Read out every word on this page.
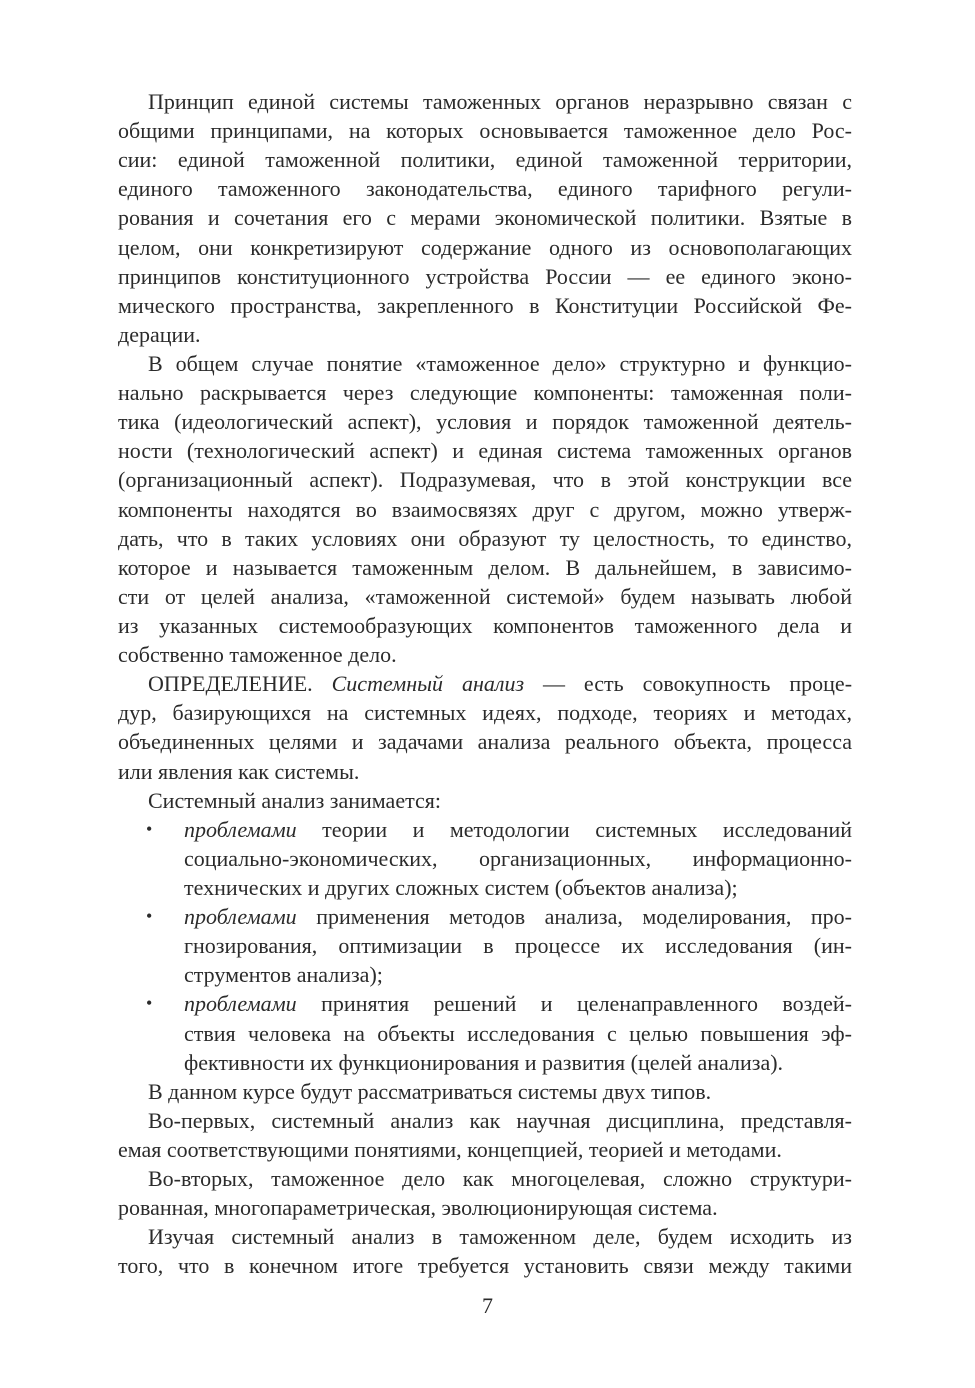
Принцип единой системы таможенных органов неразрывно связан с
общими принципами, на которых основывается таможенное дело Рос-
сии: единой таможенной политики, единой таможенной территории,
единого таможенного законодательства, единого тарифного регули-
рования и сочетания его с мерами экономической политики. Взятые в
целом, они конкретизируют содержание одного из основополагающих
принципов конституционного устройства России — ее единого эконо-
мического пространства, закрепленного в Конституции Российской Фе-
дерации.
В общем случае понятие «таможенное дело» структурно и функцио-
нально раскрывается через следующие компоненты: таможенная поли-
тика (идеологический аспект), условия и порядок таможенной деятель-
ности (технологический аспект) и единая система таможенных органов
(организационный аспект). Подразумевая, что в этой конструкции все
компоненты находятся во взаимосвязях друг с другом, можно утверж-
дать, что в таких условиях они образуют ту целостность, то единство,
которое и называется таможенным делом. В дальнейшем, в зависимо-
сти от целей анализа, «таможенной системой» будем называть любой
из указанных системообразующих компонентов таможенного дела и
собственно таможенное дело.
ОПРЕДЕЛЕНИЕ. Системный анализ — есть совокупность проце-
дур, базирующихся на системных идеях, подходе, теориях и методах,
объединенных целями и задачами анализа реального объекта, процесса
или явления как системы.
Системный анализ занимается:
• проблемами теории и методологии системных исследований
социально-экономических, организационных, информационно-
технических и других сложных систем (объектов анализа);
• проблемами применения методов анализа, моделирования, про-
гнозирования, оптимизации в процессе их исследования (ин-
струментов анализа);
• проблемами принятия решений и целенаправленного воздей-
ствия человека на объекты исследования с целью повышения эф-
фективности их функционирования и развития (целей анализа).
В данном курсе будут рассматриваться системы двух типов.
Во-первых, системный анализ как научная дисциплина, представля-
емая соответствующими понятиями, концепцией, теорией и методами.
Во-вторых, таможенное дело как многоцелевая, сложно структури-
рованная, многопараметрическая, эволюционирующая система.
Изучая системный анализ в таможенном деле, будем исходить из
того, что в конечном итоге требуется установить связи между такими
7
